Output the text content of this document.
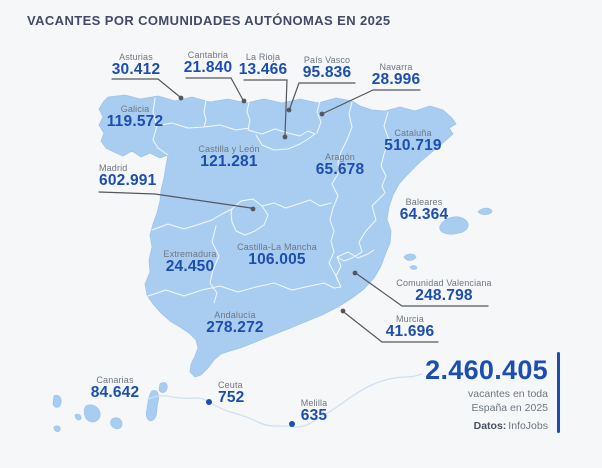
VACANTES POR COMUNIDADES AUTÓNOMAS EN 2025
Asturias
30.412
Cantabria
21.840
La Rioja
13.466
País Vasco
95.836	Navarra
28.996
Galicia
119.572
Castilla y León
121.281
Madrid
602.991
Cataluña
510.719
Aragón
65.678
Baleares
64.364
Extremadura
24.450
Castilla-La Mancha
106.005
Comunidad Valenciana
248.798
Murcia
41.696
Andalucía
278.272
Canarias
84.642	Ceuta
752	Melilla
635
2.460.405
vacantes en toda
España en 2025
Datos: InfoJobs
